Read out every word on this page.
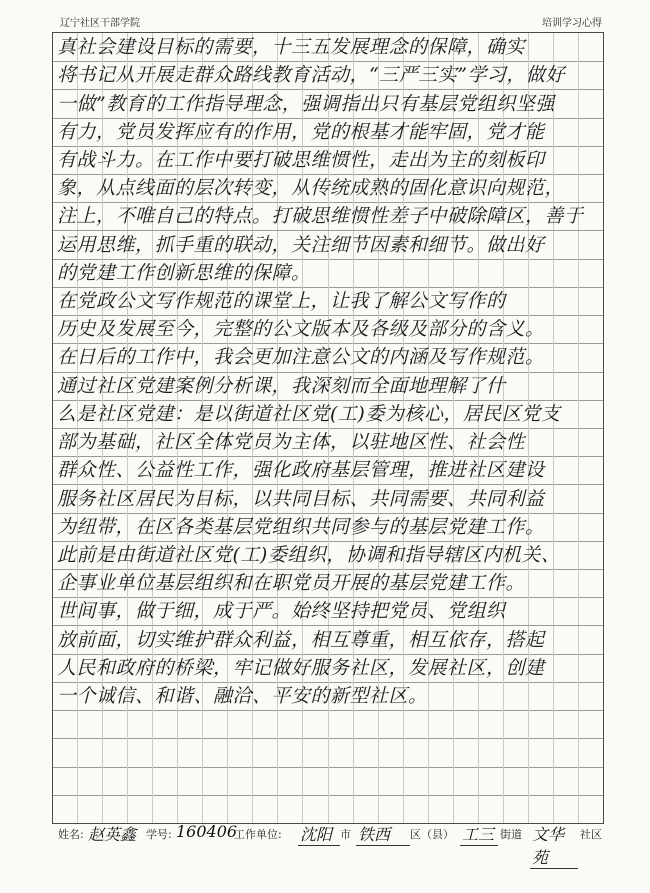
辽宁社区干部学院	培训学习心得
真社会建设目标的需要，十三五发展理念的保障，确实
将书记从开展走群众路线教育活动，“三严三实”学习，做好
一做”教育的工作指导理念，强调指出只有基层党组织坚强
有力，党员发挥应有的作用，党的根基才能牢固，党才能
有战斗力。在工作中要打破思维惯性，走出为主的刻板印
象，从点线面的层次转变，从传统成熟的固化意识向规范，
注上，不唯自己的特点。打破思维惯性差子中破除障区，善于
运用思维，抓手重的联动，关注细节因素和细节。做出好
的党建工作创新思维的保障。
在党政公文写作规范的课堂上，让我了解公文写作的
历史及发展至今，完整的公文版本及各级及部分的含义。
在日后的工作中，我会更加注意公文的内涵及写作规范。
通过社区党建案例分析课，我深刻而全面地理解了什
么是社区党建：是以街道社区党(工)委为核心，居民区党支
部为基础，社区全体党员为主体，以驻地区性、社会性
群众性、公益性工作，强化政府基层管理，推进社区建设
服务社区居民为目标，以共同目标、共同需要、共同利益
为纽带，在区各类基层党组织共同参与的基层党建工作。
此前是由街道社区党(工)委组织，协调和指导辖区内机关、
企事业单位基层组织和在职党员开展的基层党建工作。
世间事，做于细，成于严。始终坚持把党员、党组织
放前面，切实维护群众利益，相互尊重，相互依存，搭起
人民和政府的桥梁，牢记做好服务社区，发展社区，创建
一个诚信、和谐、融洽、平安的新型社区。
姓名: 赵英鑫 学号: 160406
工作单位: 沈阳 市 铁西	区（县） 工三 街道 文华苑
社区
